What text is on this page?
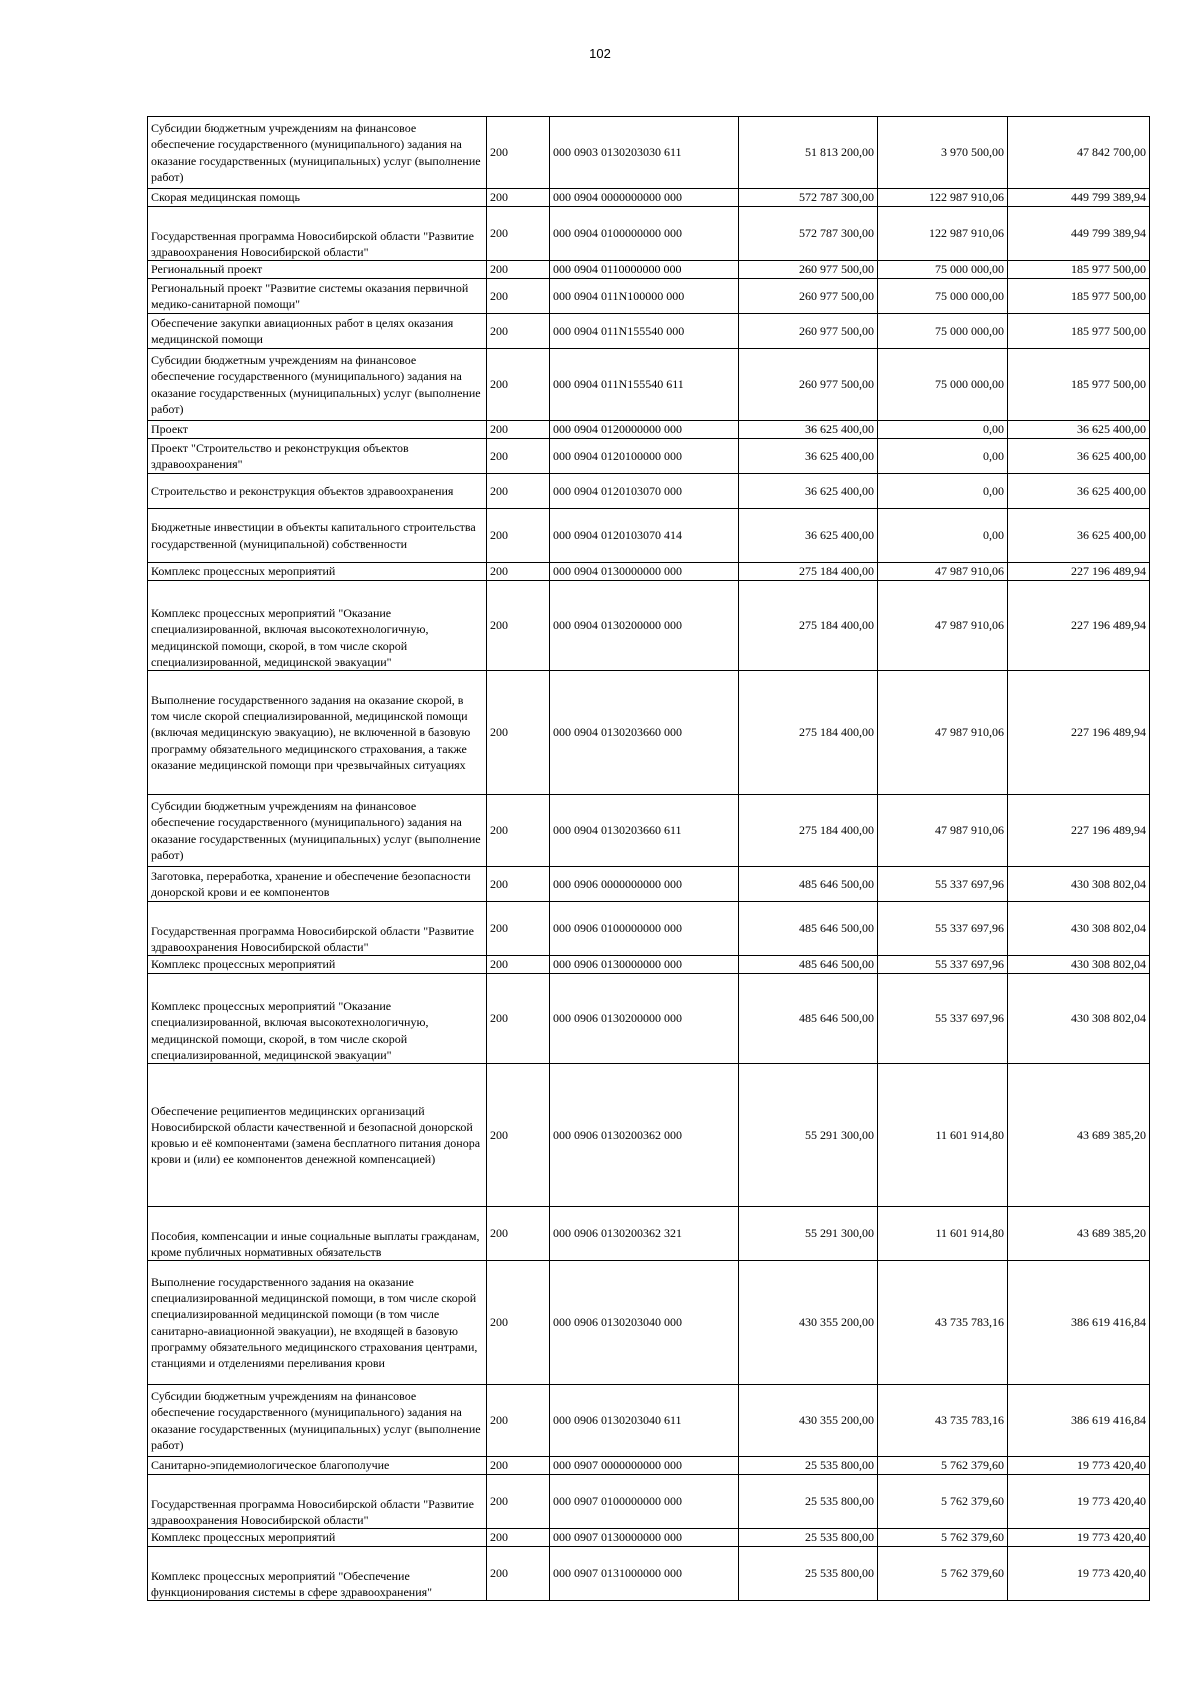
102
Субсидии бюджетным учреждениям на финансовое обеспечение государственного (муниципального) задания на оказание государственных (муниципальных) услуг (выполнение работ)	200	000 0903 0130203030 611	51 813 200,00	3 970 500,00	47 842 700,00
Скорая медицинская помощь	200	000 0904 0000000000 000	572 787 300,00	122 987 910,06	449 799 389,94
Государственная программа Новосибирской области "Развитие здравоохранения Новосибирской области"	200	000 0904 0100000000 000	572 787 300,00	122 987 910,06	449 799 389,94
Региональный проект	200	000 0904 0110000000 000	260 977 500,00	75 000 000,00	185 977 500,00
Региональный проект "Развитие системы оказания первичной медико-санитарной помощи"	200	000 0904 011N100000 000	260 977 500,00	75 000 000,00	185 977 500,00
Обеспечение закупки авиационных работ в целях оказания медицинской помощи	200	000 0904 011N155540 000	260 977 500,00	75 000 000,00	185 977 500,00
Субсидии бюджетным учреждениям на финансовое обеспечение государственного (муниципального) задания на оказание государственных (муниципальных) услуг (выполнение работ)	200	000 0904 011N155540 611	260 977 500,00	75 000 000,00	185 977 500,00
Проект	200	000 0904 0120000000 000	36 625 400,00	0,00	36 625 400,00
Проект "Строительство и реконструкция объектов здравоохранения"	200	000 0904 0120100000 000	36 625 400,00	0,00	36 625 400,00
Строительство и реконструкция объектов здравоохранения	200	000 0904 0120103070 000	36 625 400,00	0,00	36 625 400,00
Бюджетные инвестиции в объекты капитального строительства государственной (муниципальной) собственности	200	000 0904 0120103070 414	36 625 400,00	0,00	36 625 400,00
Комплекс процессных мероприятий	200	000 0904 0130000000 000	275 184 400,00	47 987 910,06	227 196 489,94
Комплекс процессных мероприятий "Оказание специализированной, включая высокотехнологичную, медицинской помощи, скорой, в том числе скорой специализированной, медицинской эвакуации"	200	000 0904 0130200000 000	275 184 400,00	47 987 910,06	227 196 489,94
Выполнение государственного задания на оказание скорой, в том числе скорой специализированной, медицинской помощи (включая медицинскую эвакуацию), не включенной в базовую программу обязательного медицинского страхования, а также оказание медицинской помощи при чрезвычайных ситуациях	200	000 0904 0130203660 000	275 184 400,00	47 987 910,06	227 196 489,94
Субсидии бюджетным учреждениям на финансовое обеспечение государственного (муниципального) задания на оказание государственных (муниципальных) услуг (выполнение работ)	200	000 0904 0130203660 611	275 184 400,00	47 987 910,06	227 196 489,94
Заготовка, переработка, хранение и обеспечение безопасности донорской крови и ее компонентов	200	000 0906 0000000000 000	485 646 500,00	55 337 697,96	430 308 802,04
Государственная программа Новосибирской области "Развитие здравоохранения Новосибирской области"	200	000 0906 0100000000 000	485 646 500,00	55 337 697,96	430 308 802,04
Комплекс процессных мероприятий	200	000 0906 0130000000 000	485 646 500,00	55 337 697,96	430 308 802,04
Комплекс процессных мероприятий "Оказание специализированной, включая высокотехнологичную, медицинской помощи, скорой, в том числе скорой специализированной, медицинской эвакуации"	200	000 0906 0130200000 000	485 646 500,00	55 337 697,96	430 308 802,04
Обеспечение реципиентов медицинских организаций Новосибирской области качественной и безопасной донорской кровью и её компонентами (замена бесплатного питания донора крови и (или) ее компонентов денежной компенсацией)	200	000 0906 0130200362 000	55 291 300,00	11 601 914,80	43 689 385,20
Пособия, компенсации и иные социальные выплаты гражданам, кроме публичных нормативных обязательств	200	000 0906 0130200362 321	55 291 300,00	11 601 914,80	43 689 385,20
Выполнение государственного задания на оказание специализированной медицинской помощи, в том числе скорой специализированной медицинской помощи (в том числе санитарно-авиационной эвакуации), не входящей в базовую программу обязательного медицинского страхования центрами, станциями и отделениями переливания крови	200	000 0906 0130203040 000	430 355 200,00	43 735 783,16	386 619 416,84
Субсидии бюджетным учреждениям на финансовое обеспечение государственного (муниципального) задания на оказание государственных (муниципальных) услуг (выполнение работ)	200	000 0906 0130203040 611	430 355 200,00	43 735 783,16	386 619 416,84
Санитарно-эпидемиологическое благополучие	200	000 0907 0000000000 000	25 535 800,00	5 762 379,60	19 773 420,40
Государственная программа Новосибирской области "Развитие здравоохранения Новосибирской области"	200	000 0907 0100000000 000	25 535 800,00	5 762 379,60	19 773 420,40
Комплекс процессных мероприятий	200	000 0907 0130000000 000	25 535 800,00	5 762 379,60	19 773 420,40
Комплекс процессных мероприятий "Обеспечение функционирования системы в сфере здравоохранения"	200	000 0907 0131000000 000	25 535 800,00	5 762 379,60	19 773 420,40
